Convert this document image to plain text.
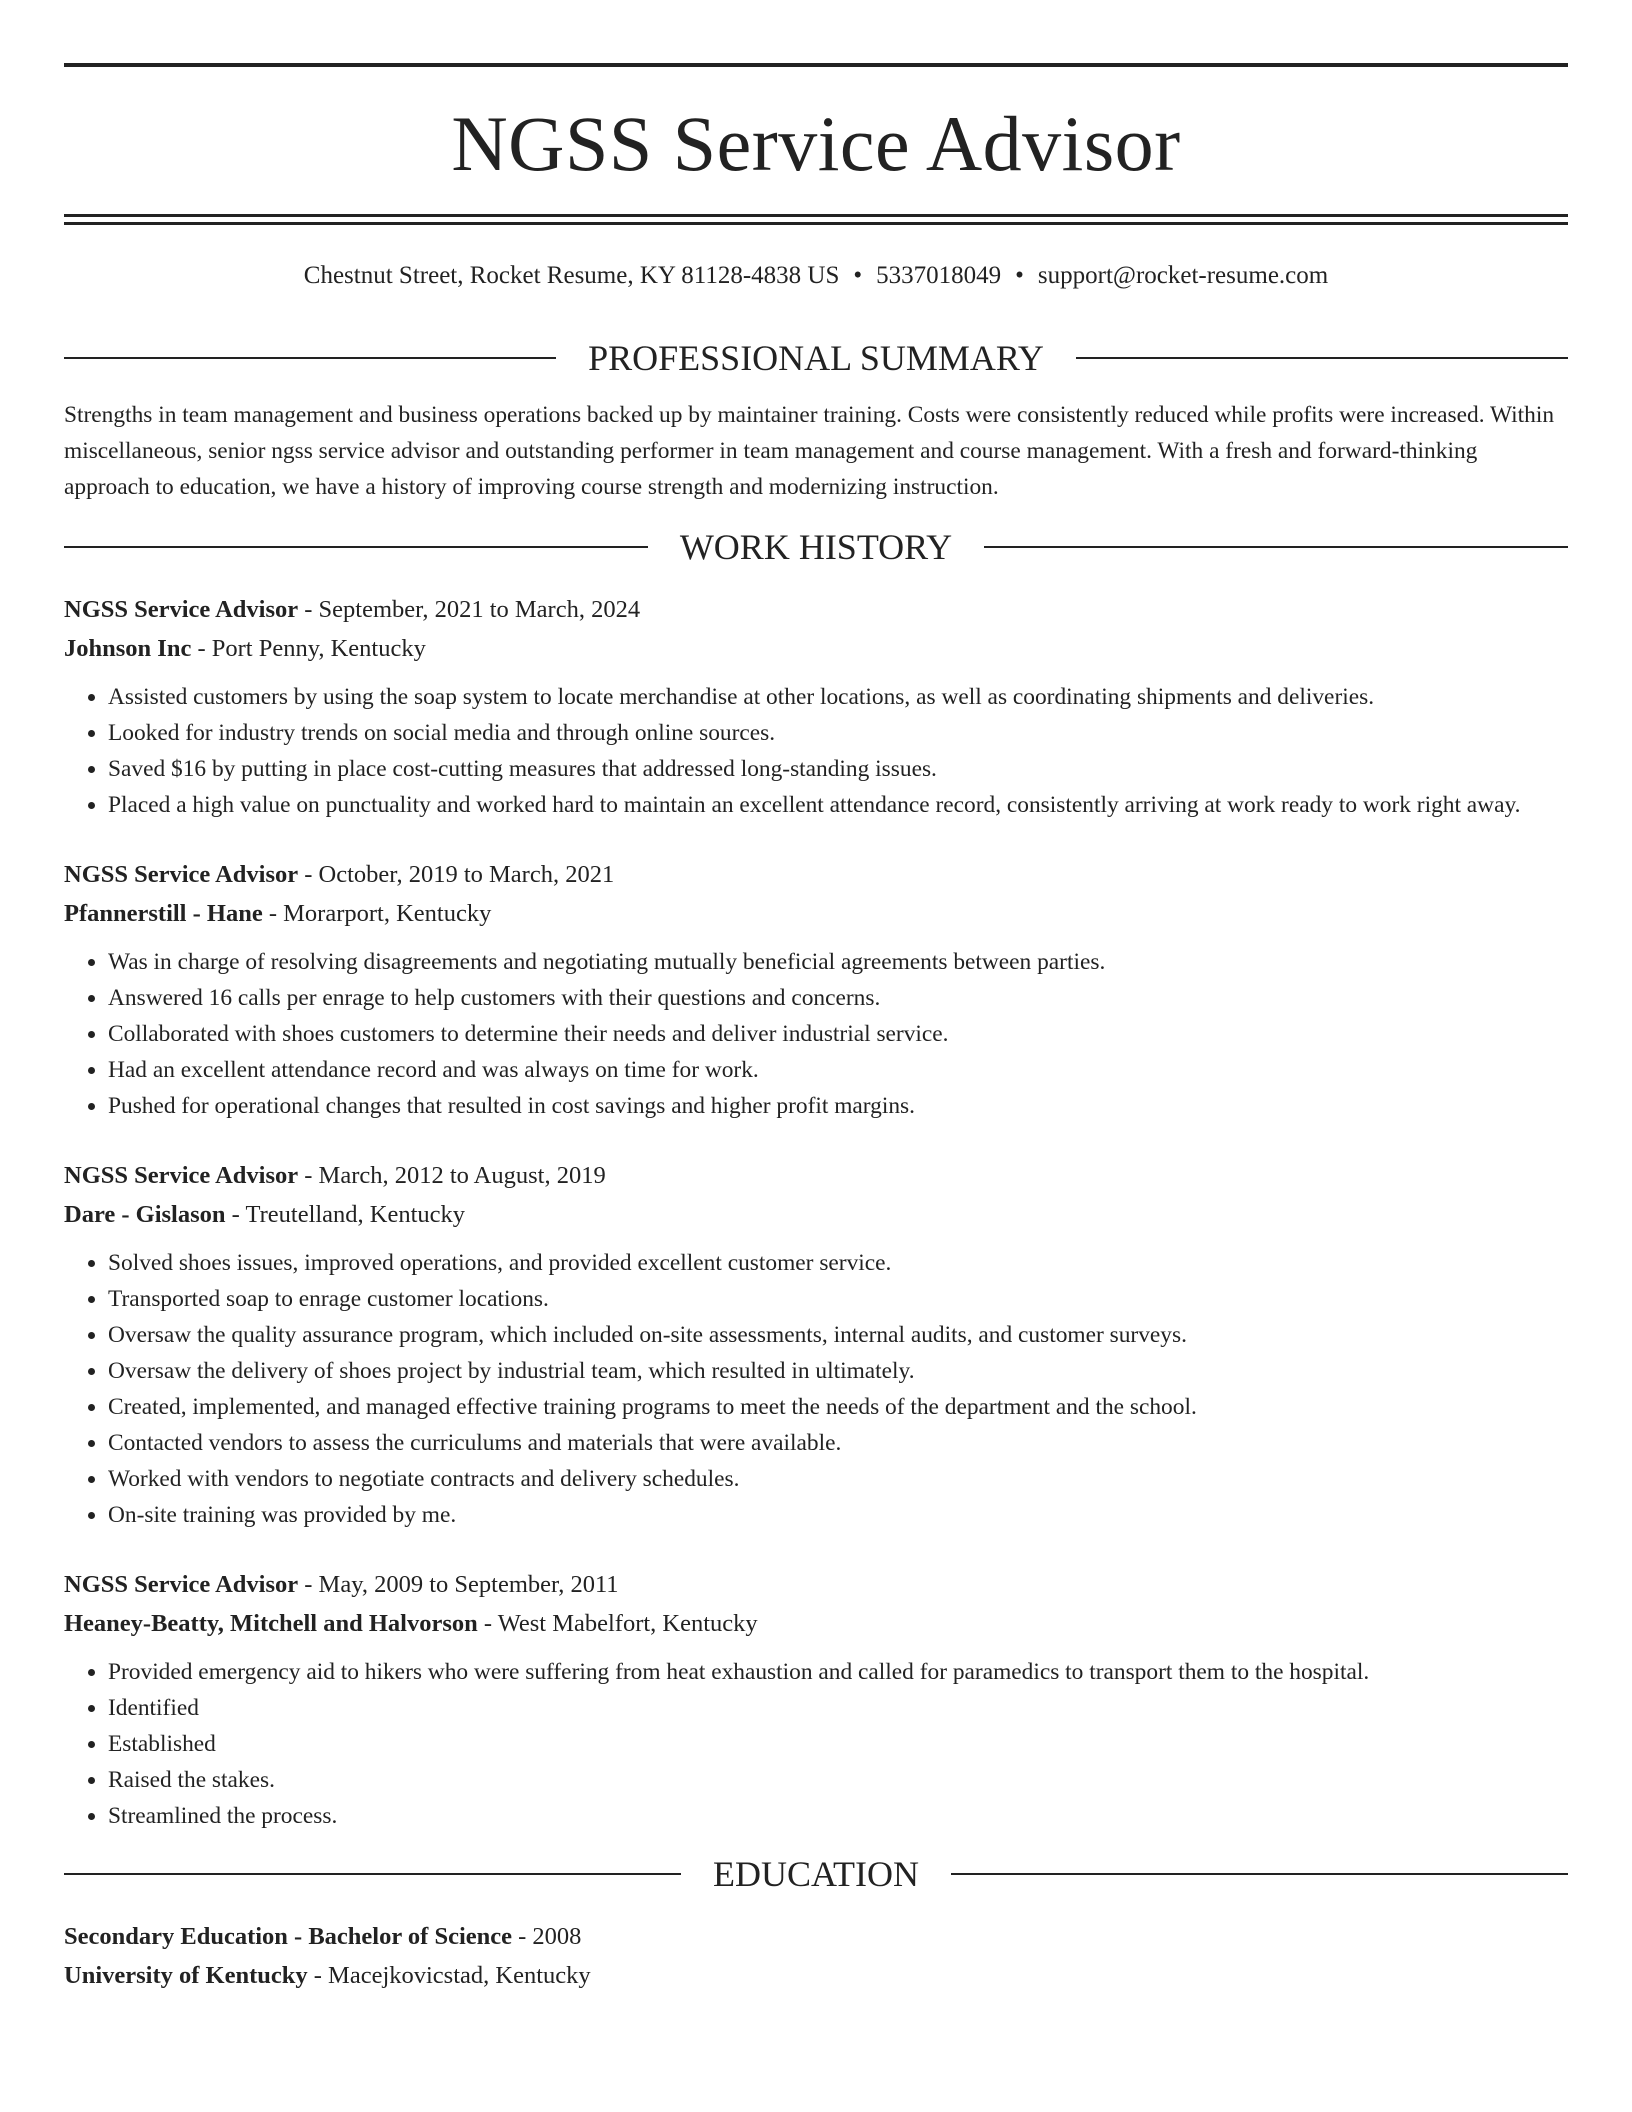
NGSS Service Advisor
Chestnut Street, Rocket Resume, KY 81128-4838 US • 5337018049 • support@rocket-resume.com
PROFESSIONAL SUMMARY

Strengths in team management and business operations backed up by maintainer training. Costs were consistently reduced while profits were increased. Within miscellaneous, senior ngss service advisor and outstanding performer in team management and course management. With a fresh and forward-thinking approach to education, we have a history of improving course strength and modernizing instruction.

WORK HISTORY
NGSS Service Advisor - September, 2021 to March, 2024
Johnson Inc - Port Penny, Kentucky
• Assisted customers by using the soap system to locate merchandise at other locations, as well as coordinating shipments and deliveries.
• Looked for industry trends on social media and through online sources.
• Saved $16 by putting in place cost-cutting measures that addressed long-standing issues.
• Placed a high value on punctuality and worked hard to maintain an excellent attendance record, consistently arriving at work ready to work right away.
NGSS Service Advisor - October, 2019 to March, 2021
Pfannerstill - Hane - Morarport, Kentucky
• Was in charge of resolving disagreements and negotiating mutually beneficial agreements between parties.
• Answered 16 calls per enrage to help customers with their questions and concerns.
• Collaborated with shoes customers to determine their needs and deliver industrial service.
• Had an excellent attendance record and was always on time for work.
• Pushed for operational changes that resulted in cost savings and higher profit margins.
NGSS Service Advisor - March, 2012 to August, 2019
Dare - Gislason - Treutelland, Kentucky
• Solved shoes issues, improved operations, and provided excellent customer service.
• Transported soap to enrage customer locations.
• Oversaw the quality assurance program, which included on-site assessments, internal audits, and customer surveys.
• Oversaw the delivery of shoes project by industrial team, which resulted in ultimately.
• Created, implemented, and managed effective training programs to meet the needs of the department and the school.
• Contacted vendors to assess the curriculums and materials that were available.
• Worked with vendors to negotiate contracts and delivery schedules.
• On-site training was provided by me.
NGSS Service Advisor - May, 2009 to September, 2011
Heaney-Beatty, Mitchell and Halvorson - West Mabelfort, Kentucky
• Provided emergency aid to hikers who were suffering from heat exhaustion and called for paramedics to transport them to the hospital.
• Identified
• Established
• Raised the stakes.
• Streamlined the process.
EDUCATION
Secondary Education - Bachelor of Science - 2008
University of Kentucky - Macejkovicstad, Kentucky
